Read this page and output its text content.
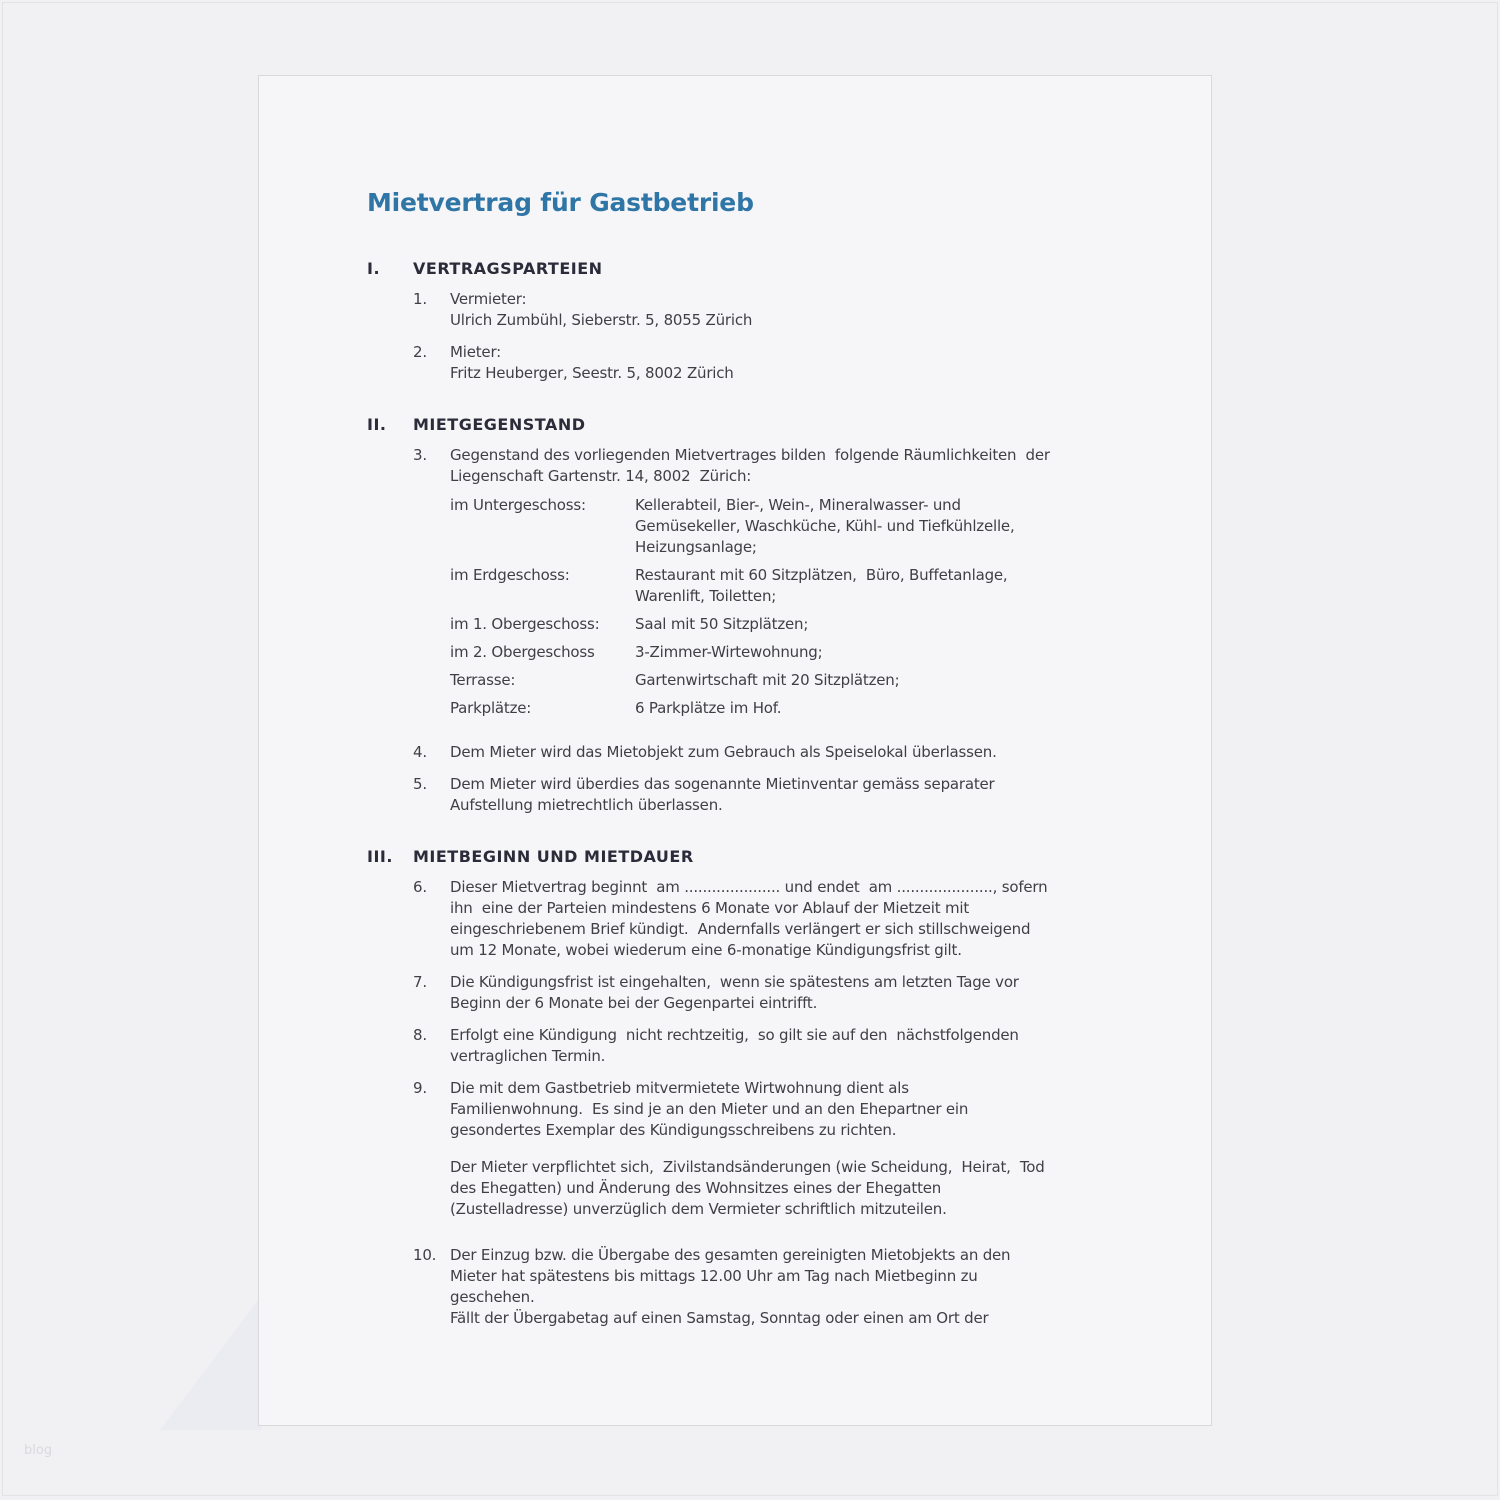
blog
Mietvertrag für Gastbetrieb
I.	VERTRAGSPARTEIEN
1.	Vermieter:
Ulrich Zumbühl, Sieberstr. 5, 8055 Zürich
2.	Mieter:
Fritz Heuberger, Seestr. 5, 8002 Zürich
II.	MIETGEGENSTAND
3.	Gegenstand des vorliegenden Mietvertrages bilden  folgende Räumlichkeiten  der
Liegenschaft Gartenstr. 14, 8002  Zürich:
im Untergeschoss:	Kellerabteil, Bier-, Wein-, Mineralwasser- und
Gemüsekeller, Waschküche, Kühl- und Tiefkühlzelle,
Heizungsanlage;
im Erdgeschoss:	Restaurant mit 60 Sitzplätzen,  Büro, Buffetanlage,
Warenlift, Toiletten;
im 1. Obergeschoss:	Saal mit 50 Sitzplätzen;
im 2. Obergeschoss	3-Zimmer-Wirtewohnung;
Terrasse:	Gartenwirtschaft mit 20 Sitzplätzen;
Parkplätze:	6 Parkplätze im Hof.
4.	Dem Mieter wird das Mietobjekt zum Gebrauch als Speiselokal überlassen.
5.	Dem Mieter wird überdies das sogenannte Mietinventar gemäss separater
Aufstellung mietrechtlich überlassen.
III.	MIETBEGINN UND MIETDAUER
6.	Dieser Mietvertrag beginnt  am ..................... und endet  am ....................., sofern
ihn  eine der Parteien mindestens 6 Monate vor Ablauf der Mietzeit mit
eingeschriebenem Brief kündigt.  Andernfalls verlängert er sich stillschweigend
um 12 Monate, wobei wiederum eine 6-monatige Kündigungsfrist gilt.
7.	Die Kündigungsfrist ist eingehalten,  wenn sie spätestens am letzten Tage vor
Beginn der 6 Monate bei der Gegenpartei eintrifft.
8.	Erfolgt eine Kündigung  nicht rechtzeitig,  so gilt sie auf den  nächstfolgenden
vertraglichen Termin.
9.	Die mit dem Gastbetrieb mitvermietete Wirtwohnung dient als
Familienwohnung.  Es sind je an den Mieter und an den Ehepartner ein
gesondertes Exemplar des Kündigungsschreibens zu richten.
Der Mieter verpflichtet sich,  Zivilstandsänderungen (wie Scheidung,  Heirat,  Tod
des Ehegatten) und Änderung des Wohnsitzes eines der Ehegatten
(Zustelladresse) unverzüglich dem Vermieter schriftlich mitzuteilen.
10. Der Einzug bzw. die Übergabe des gesamten gereinigten Mietobjekts an den
Mieter hat spätestens bis mittags 12.00 Uhr am Tag nach Mietbeginn zu
geschehen.
Fällt der Übergabetag auf einen Samstag, Sonntag oder einen am Ort der
